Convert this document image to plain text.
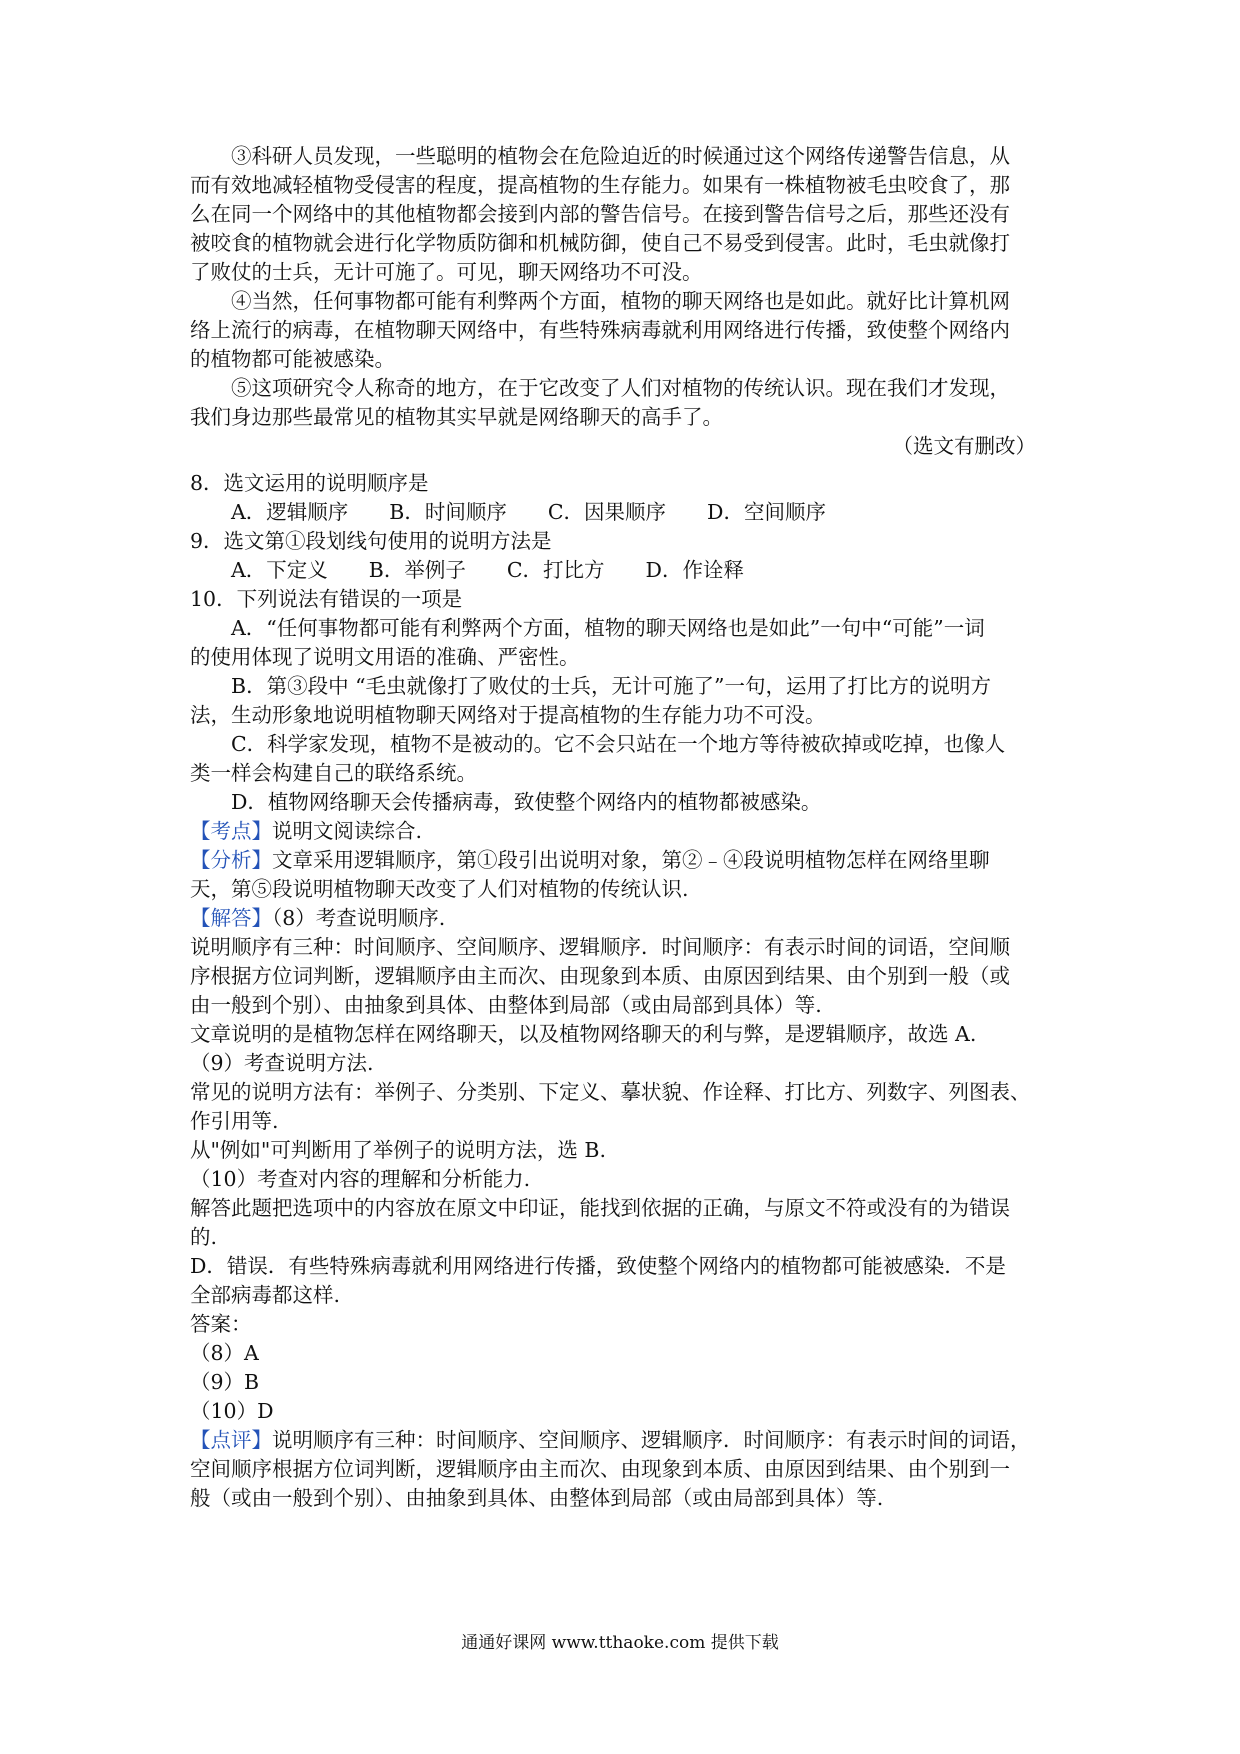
③科研人员发现，一些聪明的植物会在危险迫近的时候通过这个网络传递警告信息，从
而有效地减轻植物受侵害的程度，提高植物的生存能力。如果有一株植物被毛虫咬食了，那
么在同一个网络中的其他植物都会接到内部的警告信号。在接到警告信号之后，那些还没有
被咬食的植物就会进行化学物质防御和机械防御，使自己不易受到侵害。此时，毛虫就像打
了败仗的士兵，无计可施了。可见，聊天网络功不可没。
④当然，任何事物都可能有利弊两个方面，植物的聊天网络也是如此。就好比计算机网
络上流行的病毒，在植物聊天网络中，有些特殊病毒就利用网络进行传播，致使整个网络内
的植物都可能被感染。
⑤这项研究令人称奇的地方，在于它改变了人们对植物的传统认识。现在我们才发现，
我们身边那些最常见的植物其实早就是网络聊天的高手了。
（选文有删改）
8．选文运用的说明顺序是
A．逻辑顺序　　B．时间顺序　　C．因果顺序　　D．空间顺序
9．选文第①段划线句使用的说明方法是
A．下定义　　B．举例子　　C．打比方　　D．作诠释
10．下列说法有错误的一项是
A．“任何事物都可能有利弊两个方面，植物的聊天网络也是如此”一句中“可能”一词
的使用体现了说明文用语的准确、严密性。
B．第③段中 “毛虫就像打了败仗的士兵，无计可施了”一句，运用了打比方的说明方
法，生动形象地说明植物聊天网络对于提高植物的生存能力功不可没。
C．科学家发现，植物不是被动的。它不会只站在一个地方等待被砍掉或吃掉，也像人
类一样会构建自己的联络系统。
D．植物网络聊天会传播病毒，致使整个网络内的植物都被感染。
【考点】说明文阅读综合.
【分析】文章采用逻辑顺序，第①段引出说明对象，第②﹣④段说明植物怎样在网络里聊
天，第⑤段说明植物聊天改变了人们对植物的传统认识.
【解答】（8）考查说明顺序.
说明顺序有三种：时间顺序、空间顺序、逻辑顺序．时间顺序：有表示时间的词语，空间顺
序根据方位词判断，逻辑顺序由主而次、由现象到本质、由原因到结果、由个别到一般（或
由一般到个别）、由抽象到具体、由整体到局部（或由局部到具体）等.
文章说明的是植物怎样在网络聊天，以及植物网络聊天的利与弊，是逻辑顺序，故选 A.
（9）考查说明方法.
常见的说明方法有：举例子、分类别、下定义、摹状貌、作诠释、打比方、列数字、列图表、
作引用等.
从"例如"可判断用了举例子的说明方法，选 B.
（10）考查对内容的理解和分析能力.
解答此题把选项中的内容放在原文中印证，能找到依据的正确，与原文不符或没有的为错误
的.
D．错误．有些特殊病毒就利用网络进行传播，致使整个网络内的植物都可能被感染．不是
全部病毒都这样.
答案：
（8）A
（9）B
（10）D
【点评】说明顺序有三种：时间顺序、空间顺序、逻辑顺序．时间顺序：有表示时间的词语，
空间顺序根据方位词判断，逻辑顺序由主而次、由现象到本质、由原因到结果、由个别到一
般（或由一般到个别）、由抽象到具体、由整体到局部（或由局部到具体）等.
通通好课网 www.tthaoke.com 提供下载
